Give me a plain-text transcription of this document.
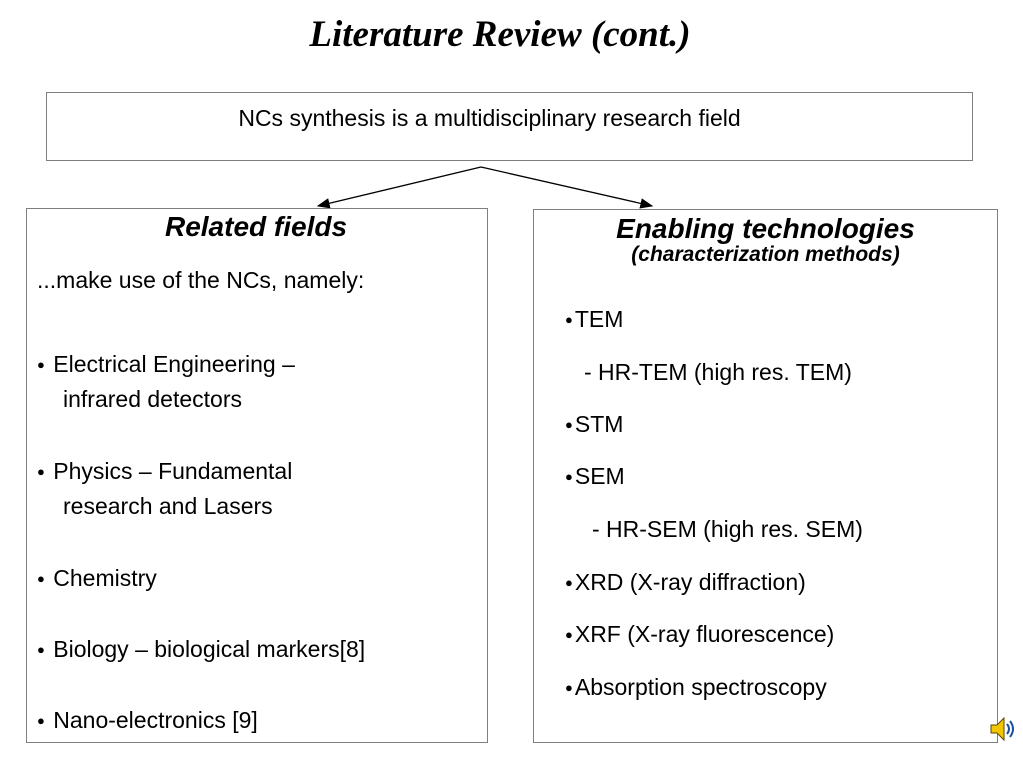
Literature Review (cont.)
NCs synthesis is a multidisciplinary research field
Related fields
...make use of the NCs, namely:
● Electrical Engineering –
infrared detectors
● Physics – Fundamental
research and Lasers
● Chemistry
● Biology – biological markers[8]
● Nano-electronics [9]
Enabling technologies
(characterization methods)
●TEM
- HR-TEM (high res. TEM)
●STM
●SEM
- HR-SEM (high res. SEM)
●XRD (X-ray diffraction)
●XRF (X-ray fluorescence)
●Absorption spectroscopy
